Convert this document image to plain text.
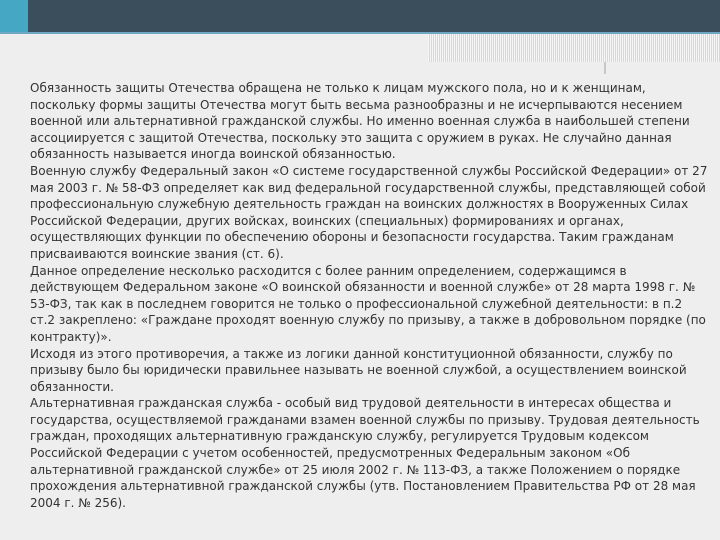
Обязанность защиты Отечества обращена не только к лицам мужского пола, но и к женщинам, поскольку формы защиты Отечества могут быть весьма разнообразны и не исчерпываются несением военной или альтернативной гражданской службы. Но именно военная служба в наибольшей степени ассоциируется с защитой Отечества, поскольку это защита с оружием в руках. Не случайно данная обязанность называется иногда воинской обязанностью.

Военную службу Федеральный закон «О системе государственной службы Российской Федерации» от 27 мая 2003 г. № 58-ФЗ определяет как вид федеральной государственной службы, представляющей собой профессиональную служебную деятельность граждан на воинских должностях в Вооруженных Силах Российской Федерации, других войсках, воинских (специальных) формированиях и органах, осуществляющих функции по обеспечению обороны и безопасности государства. Таким гражданам присваиваются воинские звания (ст. 6).

Данное определение несколько расходится с более ранним определением, содержащимся в действующем Федеральном законе «О воинской обязанности и военной службе» от 28 марта 1998 г. № 53-ФЗ, так как в последнем говорится не только о профессиональной служебной деятельности: в п.2 ст.2 закреплено: «Граждане проходят военную службу по призыву, а также в добровольном порядке (по контракту)».

Исходя из этого противоречия, а также из логики данной конституционной обязанности, службу по призыву было бы юридически правильнее называть не военной службой, а осуществлением воинской обязанности.

Альтернативная гражданская служба - особый вид трудовой деятельности в интересах общества и государства, осуществляемой гражданами взамен военной службы по призыву. Трудовая деятельность граждан, проходящих альтернативную гражданскую службу, регулируется Трудовым кодексом Российской Федерации с учетом особенностей, предусмотренных Федеральным законом «Об альтернативной гражданской службе» от 25 июля 2002 г. № 113-ФЗ, а также Положением о порядке прохождения альтернативной гражданской службы (утв. Постановлением Правительства РФ от 28 мая 2004 г. № 256).
